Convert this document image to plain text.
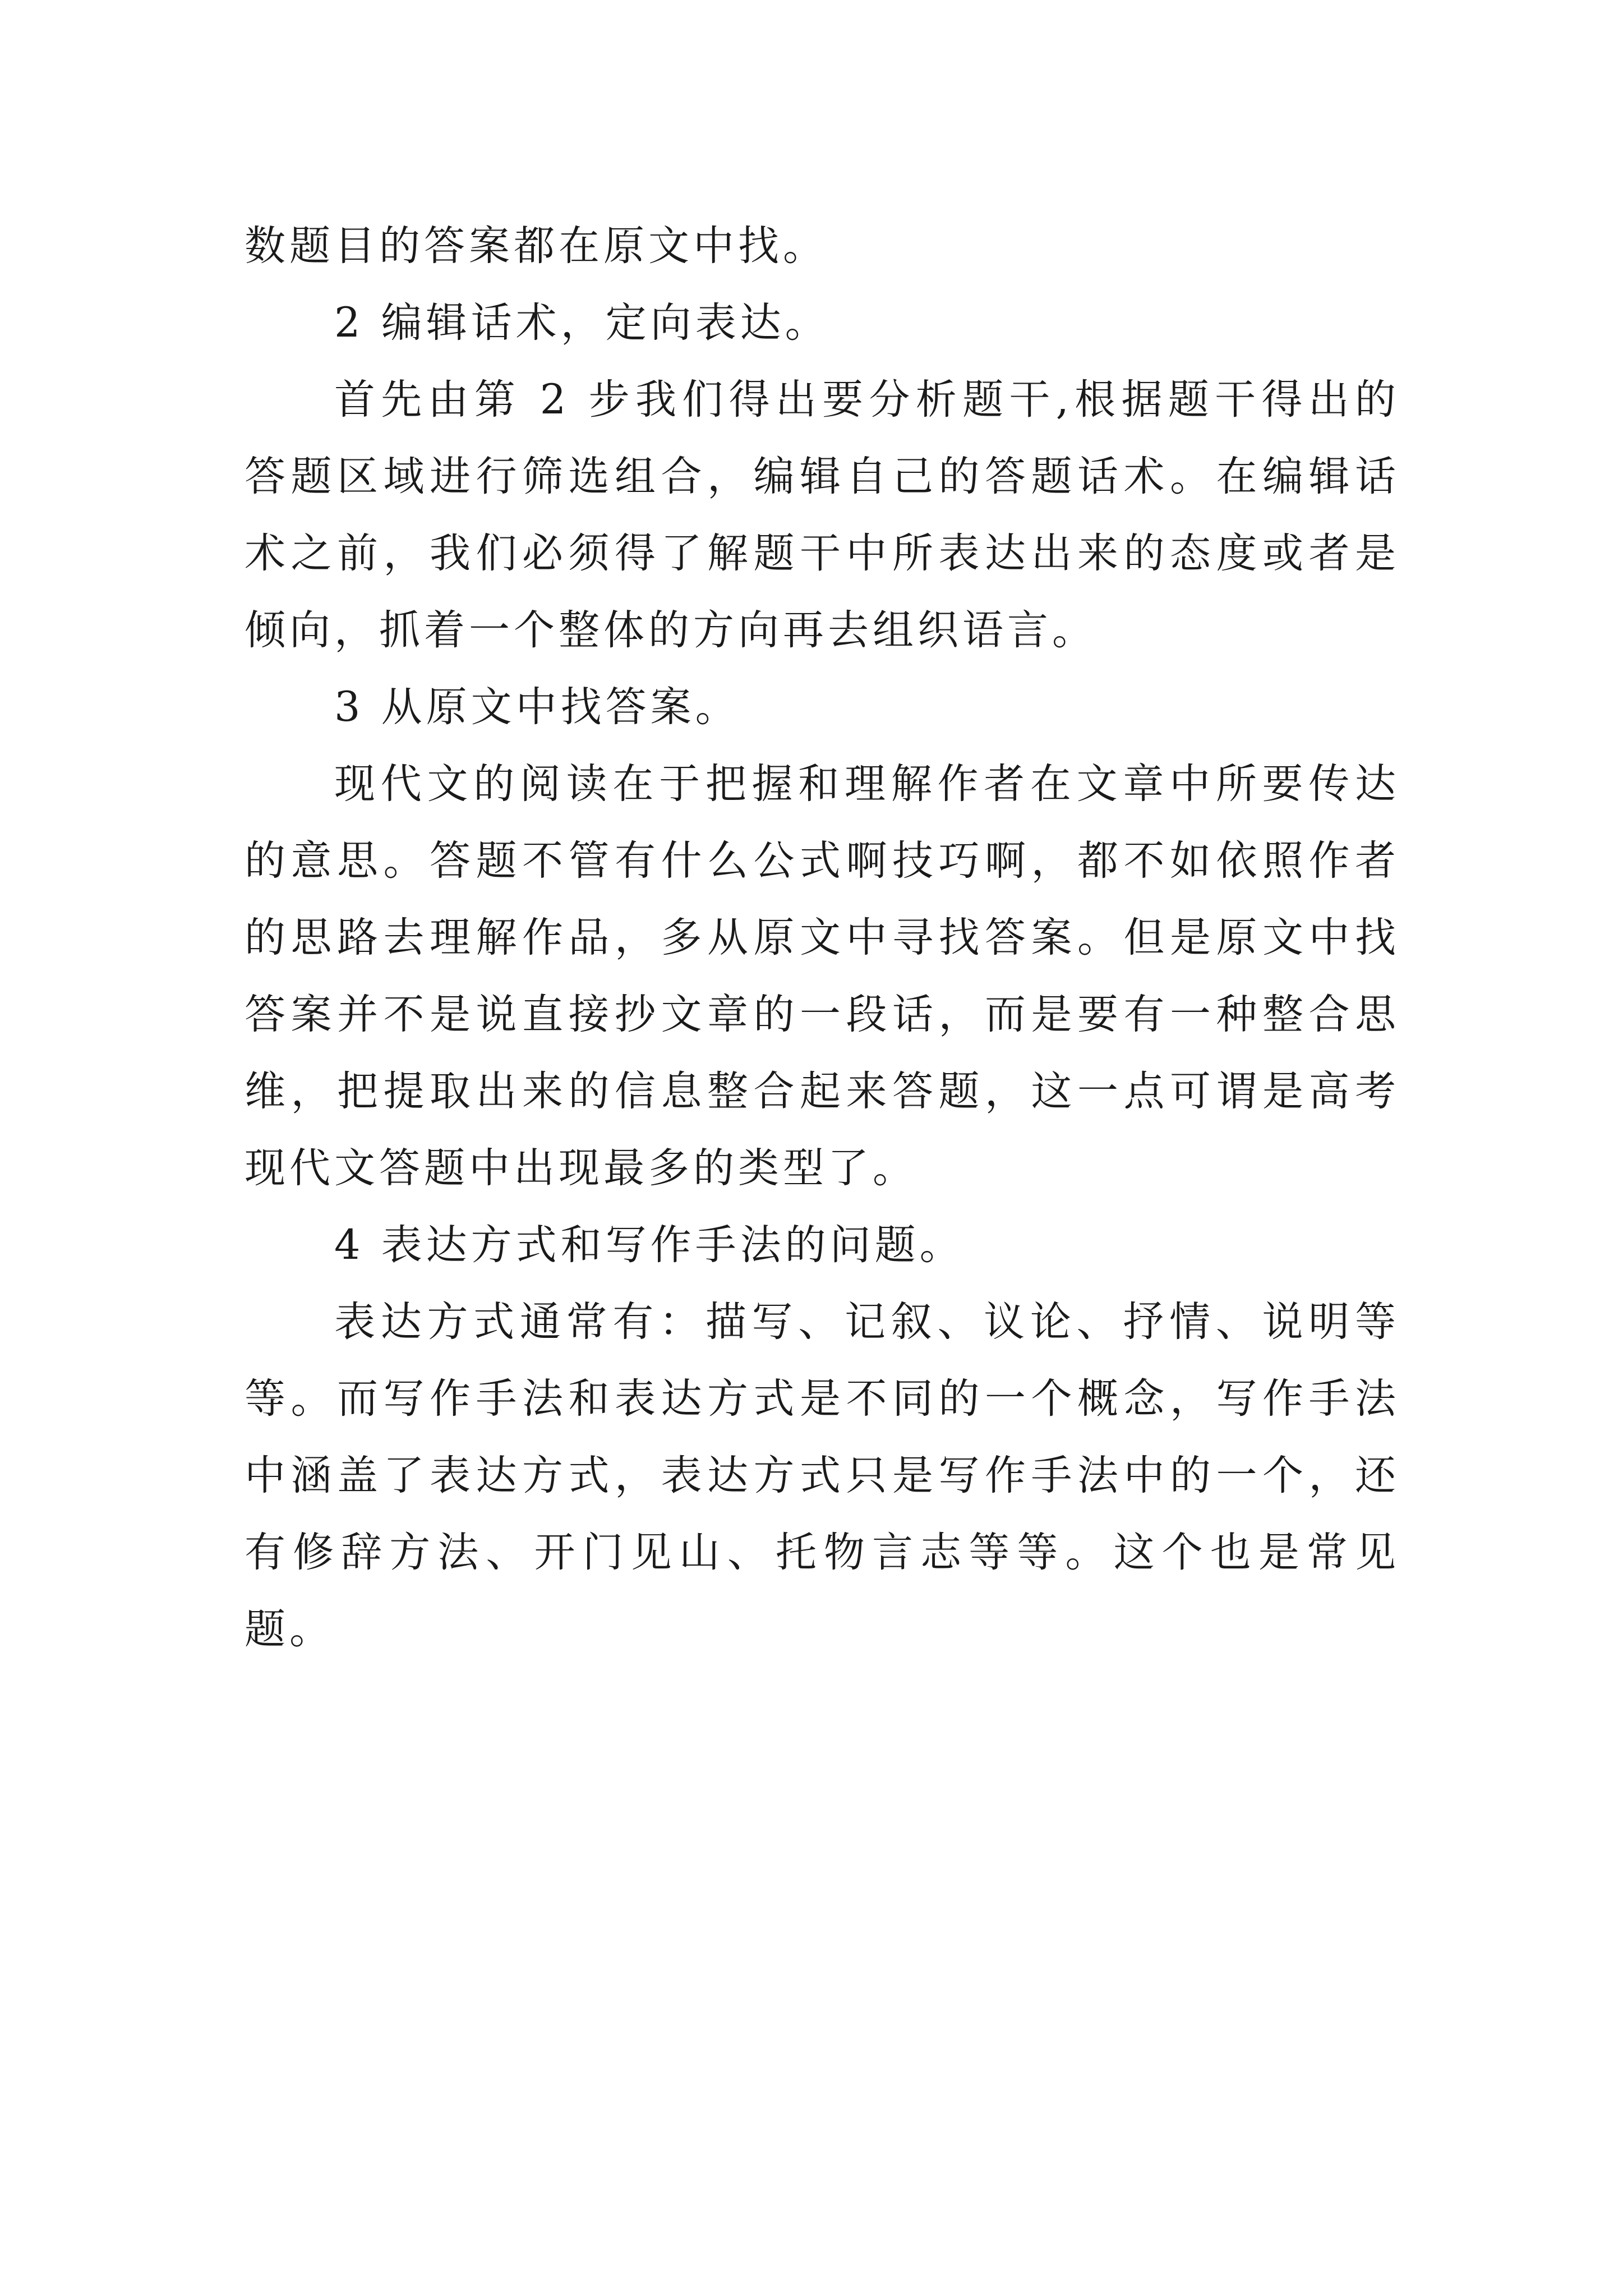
数题目的答案都在原文中找。

2 编辑话术，定向表达。

首先由第 2 步我们得出要分析题干,根据题干得出的答题区域进行筛选组合，编辑自己的答题话术。在编辑话术之前，我们必须得了解题干中所表达出来的态度或者是倾向，抓着一个整体的方向再去组织语言。

3 从原文中找答案。

现代文的阅读在于把握和理解作者在文章中所要传达的意思。答题不管有什么公式啊技巧啊，都不如依照作者的思路去理解作品，多从原文中寻找答案。但是原文中找答案并不是说直接抄文章的一段话，而是要有一种整合思维，把提取出来的信息整合起来答题，这一点可谓是高考现代文答题中出现最多的类型了。

4 表达方式和写作手法的问题。

表达方式通常有：描写、记叙、议论、抒情、说明等等。而写作手法和表达方式是不同的一个概念，写作手法中涵盖了表达方式，表达方式只是写作手法中的一个，还有修辞方法、开门见山、托物言志等等。这个也是常见题。
